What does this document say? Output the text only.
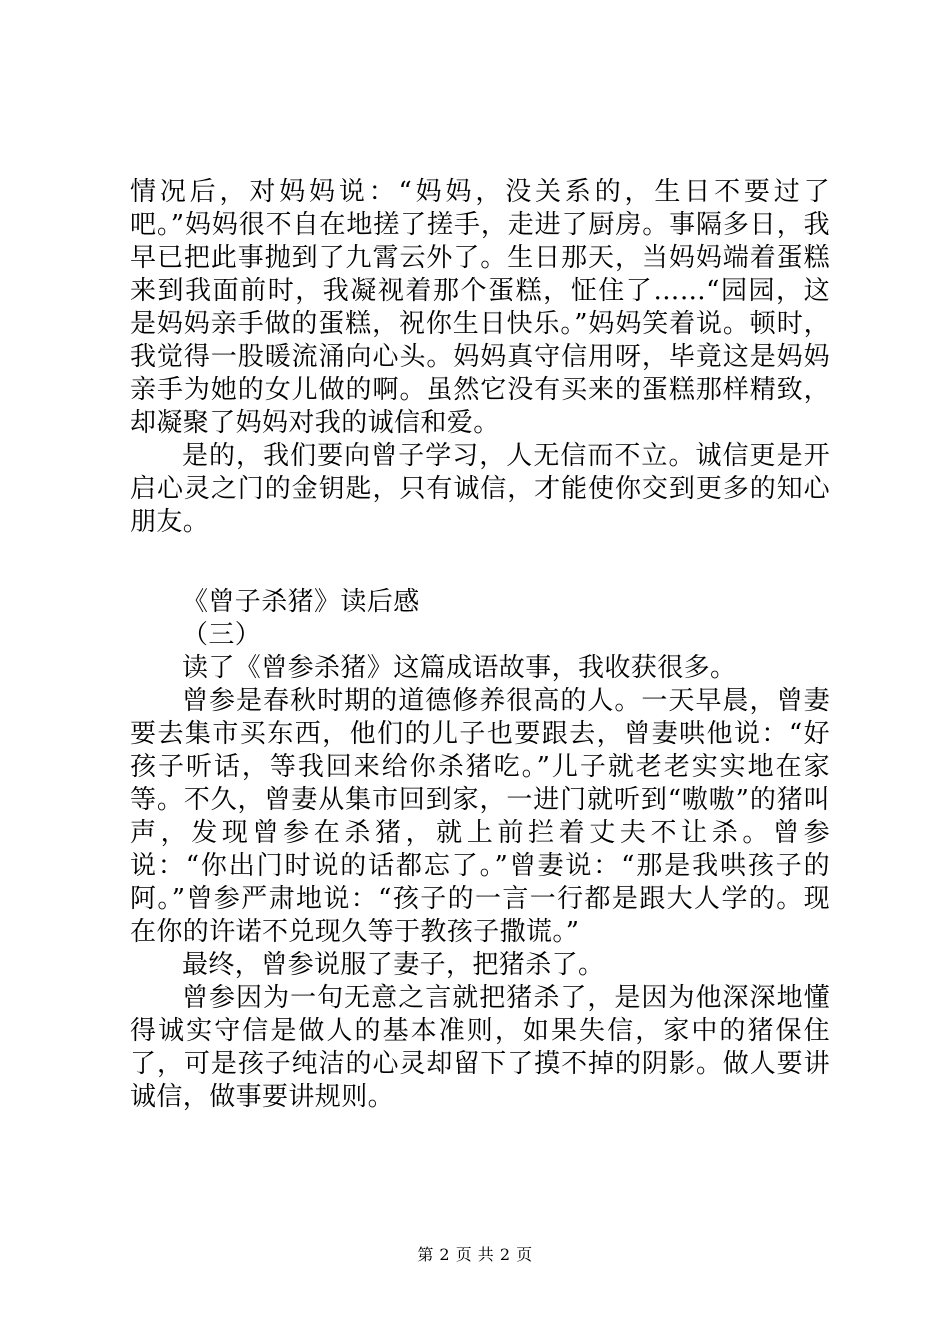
情况后，对妈妈说：“妈妈，没关系的，生日不要过了吧。”妈妈很不自在地搓了搓手，走进了厨房。事隔多日，我早已把此事抛到了九霄云外了。生日那天，当妈妈端着蛋糕来到我面前时，我凝视着那个蛋糕，怔住了……“园园，这是妈妈亲手做的蛋糕，祝你生日快乐。”妈妈笑着说。顿时，我觉得一股暖流涌向心头。妈妈真守信用呀，毕竟这是妈妈亲手为她的女儿做的啊。虽然它没有买来的蛋糕那样精致，却凝聚了妈妈对我的诚信和爱。

是的，我们要向曾子学习，人无信而不立。诚信更是开启心灵之门的金钥匙，只有诚信，才能使你交到更多的知心朋友。

《曾子杀猪》读后感

（三）

读了《曾参杀猪》这篇成语故事，我收获很多。

曾参是春秋时期的道德修养很高的人。一天早晨，曾妻要去集市买东西，他们的儿子也要跟去，曾妻哄他说：“好孩子听话，等我回来给你杀猪吃。”儿子就老老实实地在家等。不久，曾妻从集市回到家，一进门就听到“嗷嗷”的猪叫声，发现曾参在杀猪，就上前拦着丈夫不让杀。曾参说：“你出门时说的话都忘了。”曾妻说：“那是我哄孩子的阿。”曾参严肃地说：“孩子的一言一行都是跟大人学的。现在你的许诺不兑现久等于教孩子撒谎。”

最终，曾参说服了妻子，把猪杀了。

曾参因为一句无意之言就把猪杀了，是因为他深深地懂得诚实守信是做人的基本准则，如果失信，家中的猪保住了，可是孩子纯洁的心灵却留下了摸不掉的阴影。做人要讲诚信，做事要讲规则。

第 2 页 共 2 页
